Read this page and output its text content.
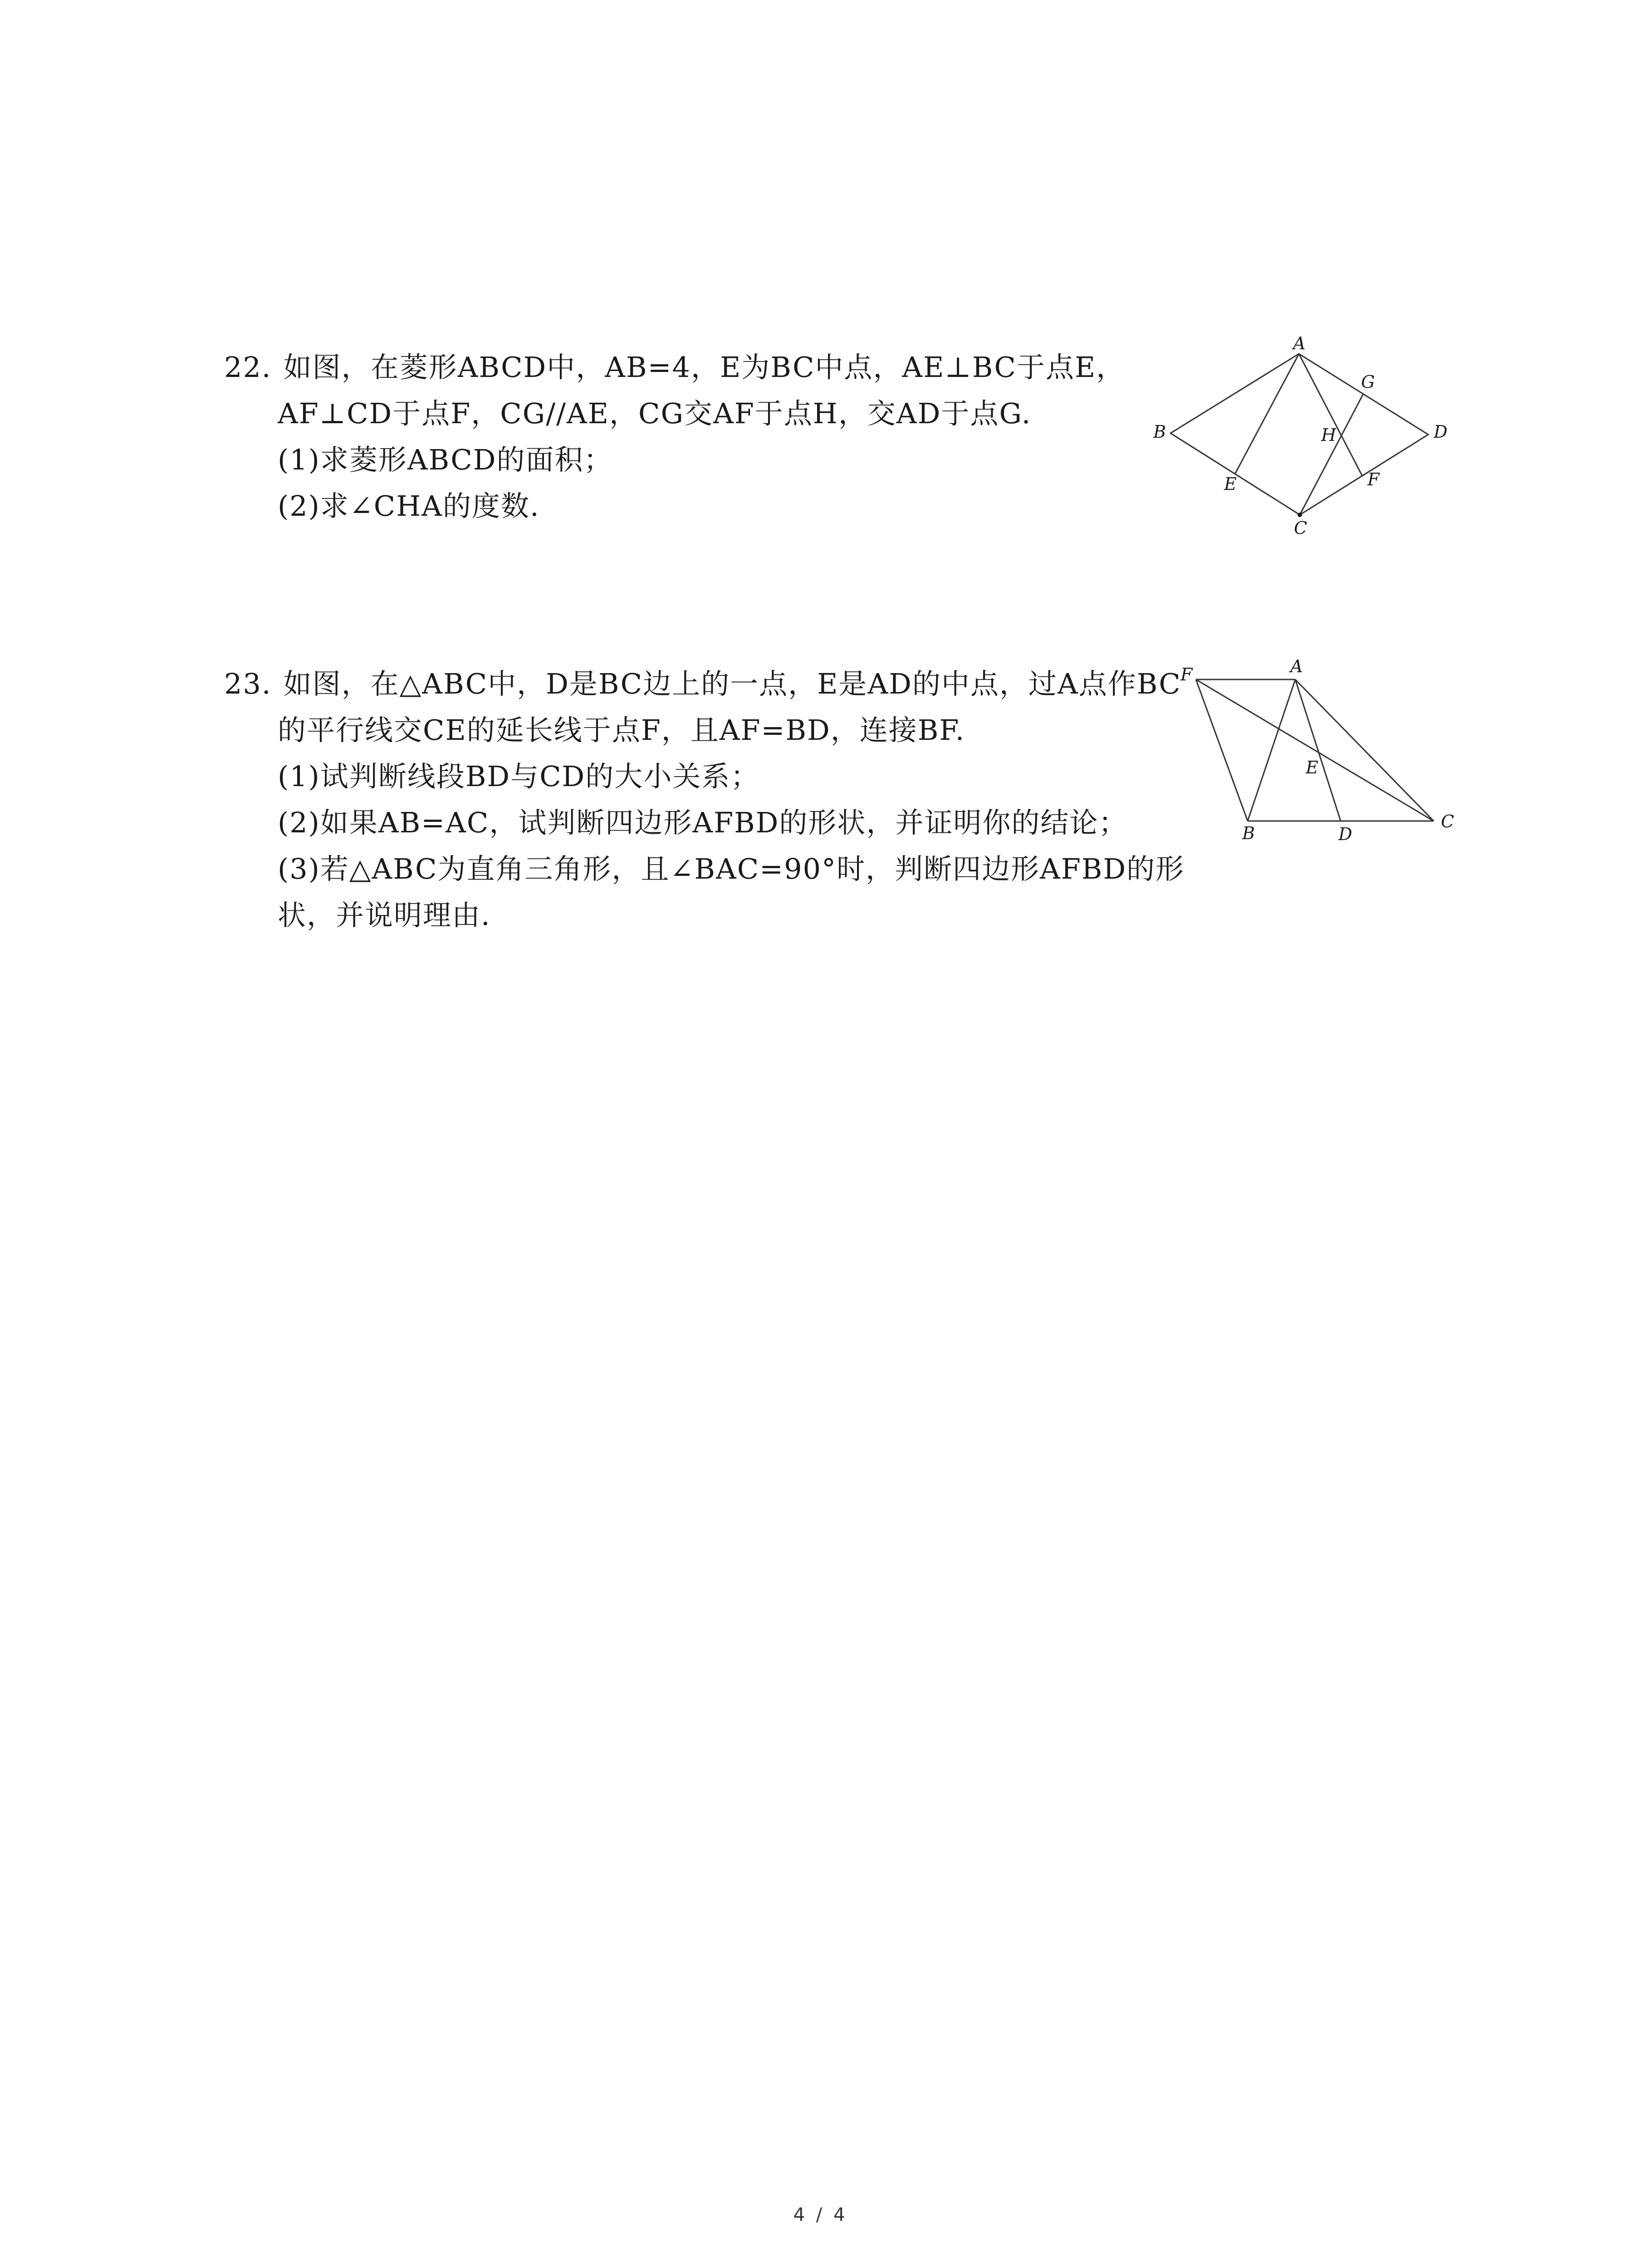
22. 如图，在菱形ABCD中，AB=4，E为BC中点，AE⊥BC于点E，
AF⊥CD于点F，CG//AE，CG交AF于点H，交AD于点G.
(1)求菱形ABCD的面积；
(2)求∠CHA的度数.
A
B
C
D
E	F
G
H
23. 如图，在△ABC中，D是BC边上的一点，E是AD的中点，过A点作BC
的平行线交CE的延长线于点F，且AF=BD，连接BF.
(1)试判断线段BD与CD的大小关系；
(2)如果AB=AC，试判断四边形AFBD的形状，并证明你的结论；
(3)若△ABC为直角三角形，且∠BAC=90°时，判断四边形AFBD的形
状，并说明理由.
F	A
E
B	D
C
4 / 4
